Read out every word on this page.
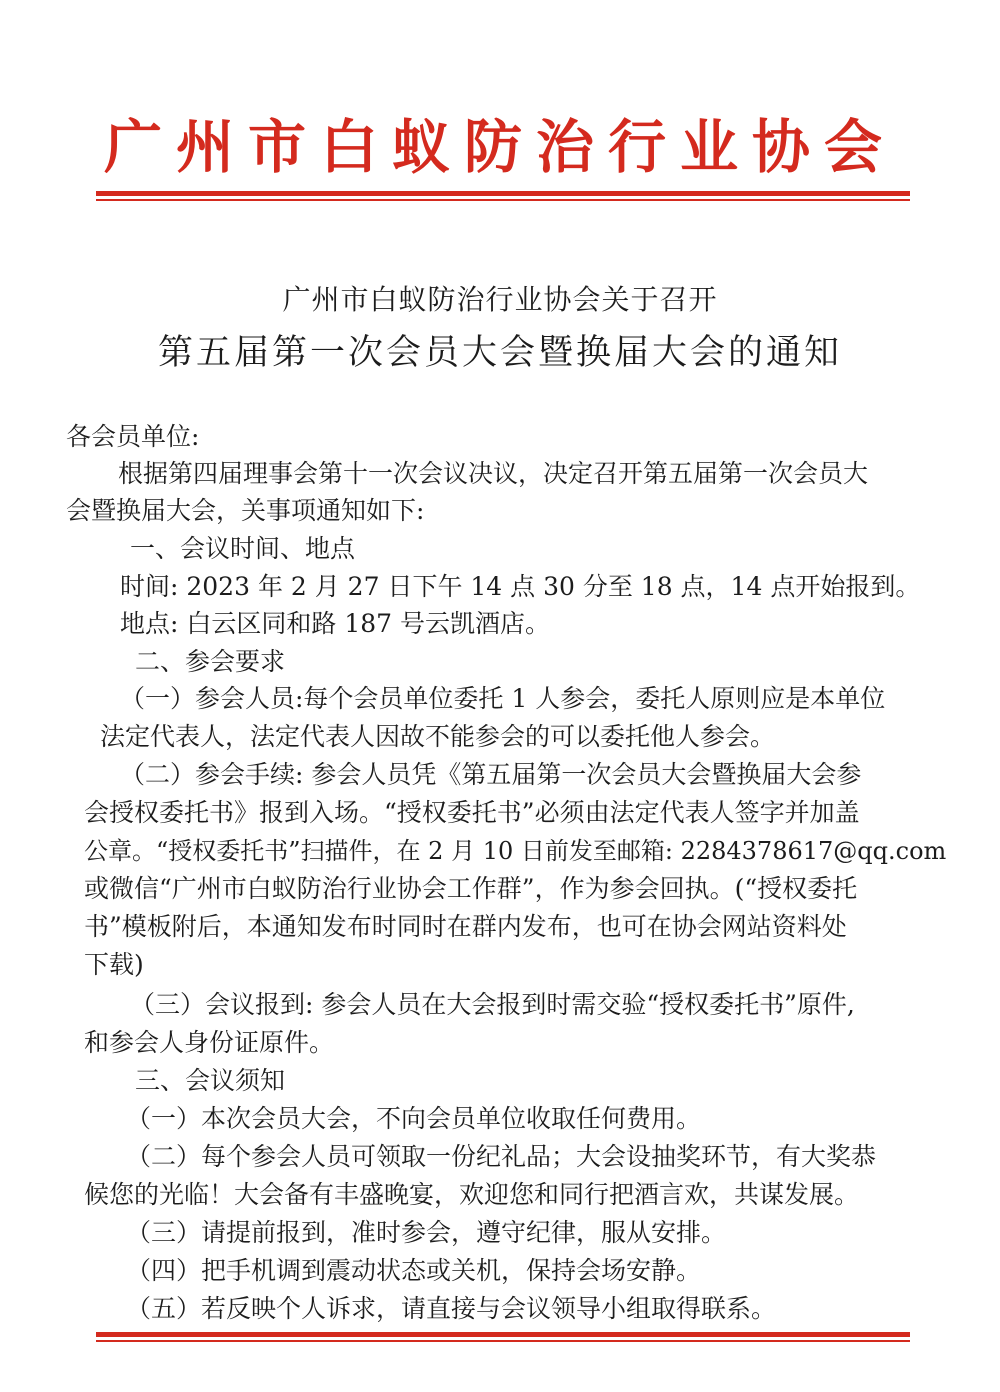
广州市白蚁防治行业协会
广州市白蚁防治行业协会关于召开
第五届第一次会员大会暨换届大会的通知
各会员单位:
根据第四届理事会第十一次会议决议，决定召开第五届第一次会员大
会暨换届大会，关事项通知如下:
一、会议时间、地点
时间: 2023 年 2 月 27 日下午 14 点 30 分至 18 点，14 点开始报到。
地点: 白云区同和路 187 号云凯酒店。
二、参会要求
（一）参会人员:每个会员单位委托 1 人参会，委托人原则应是本单位
法定代表人，法定代表人因故不能参会的可以委托他人参会。
（二）参会手续: 参会人员凭《第五届第一次会员大会暨换届大会参
会授权委托书》报到入场。“授权委托书”必须由法定代表人签字并加盖
公章。“授权委托书”扫描件，在 2 月 10 日前发至邮箱: 2284378617@qq.com
或微信“广州市白蚁防治行业协会工作群”，作为参会回执。(“授权委托
书”模板附后，本通知发布时同时在群内发布，也可在协会网站资料处
下载)
（三）会议报到: 参会人员在大会报到时需交验“授权委托书”原件,
和参会人身份证原件。
三、会议须知
（一）本次会员大会，不向会员单位收取任何费用。
（二）每个参会人员可领取一份纪礼品；大会设抽奖环节，有大奖恭
候您的光临！大会备有丰盛晚宴，欢迎您和同行把酒言欢，共谋发展。
（三）请提前报到，准时参会，遵守纪律，服从安排。
（四）把手机调到震动状态或关机，保持会场安静。
（五）若反映个人诉求，请直接与会议领导小组取得联系。
